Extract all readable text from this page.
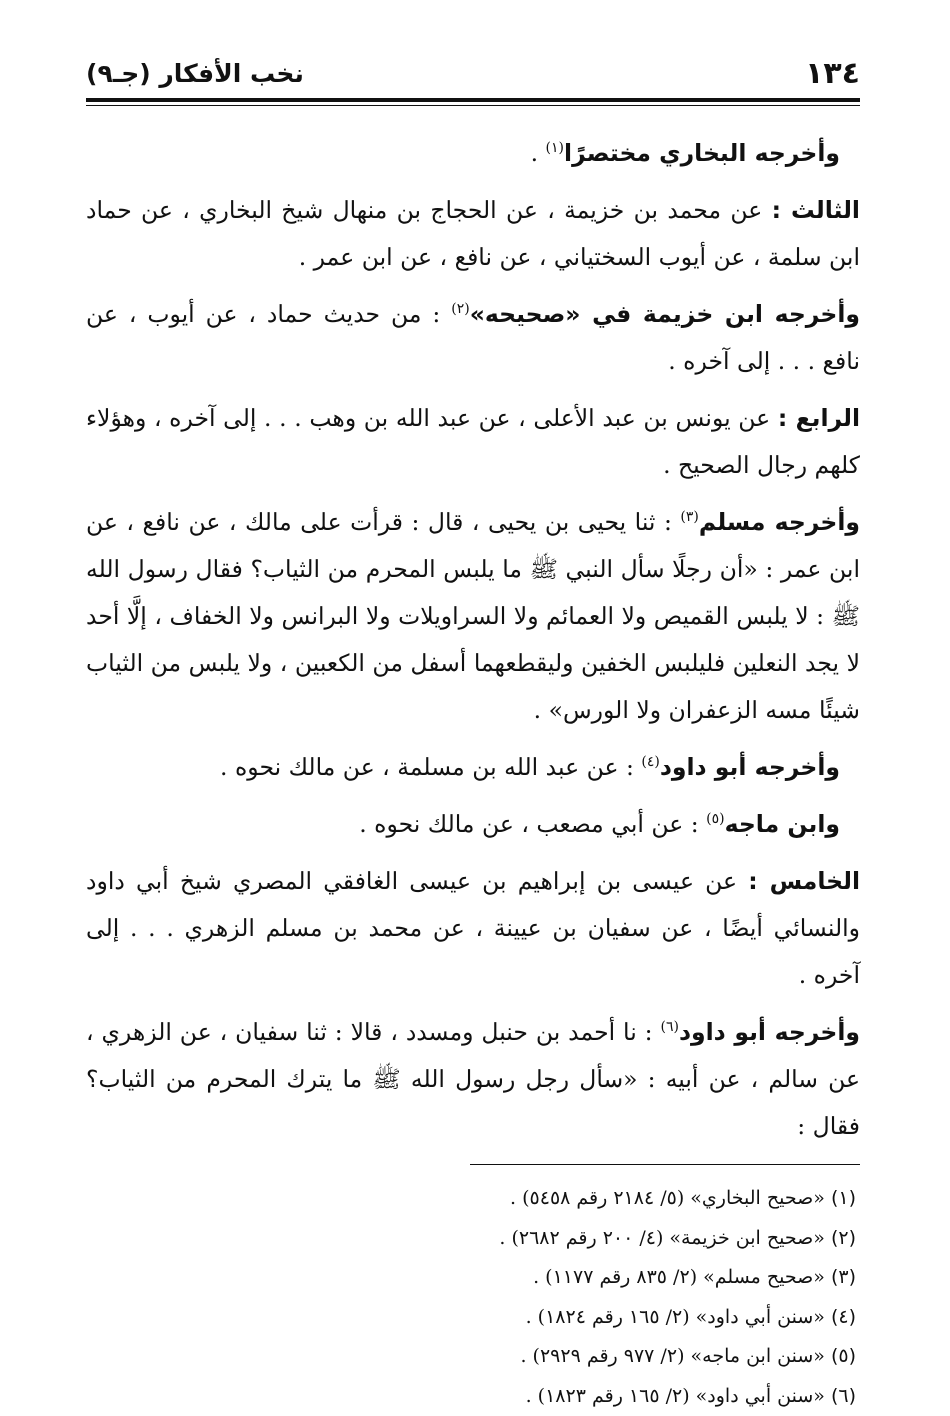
١٣٤
نخب الأفكار (جـ٩)

وأخرجه البخاري مختصرًا$^{(١)}$ .

الثالث : عن محمد بن خزيمة ، عن الحجاج بن منهال شيخ البخاري ، عن حماد ابن سلمة ، عن أيوب السختياني ، عن نافع ، عن ابن عمر .

وأخرجه ابن خزيمة في «صحيحه»$^{(٢)}$ : من حديث حماد ، عن أيوب ، عن نافع . . . إلى آخره .

الرابع : عن يونس بن عبد الأعلى ، عن عبد الله بن وهب . . . إلى آخره ، وهؤلاء كلهم رجال الصحيح .

وأخرجه مسلم$^{(٣)}$ : ثنا يحيى بن يحيى ، قال : قرأت على مالك ، عن نافع ، عن ابن عمر : «أن رجلًا سأل النبي ﷺ ما يلبس المحرم من الثياب؟ فقال رسول الله ﷺ : لا يلبس القميص ولا العمائم ولا السراويلات ولا البرانس ولا الخفاف ، إلَّا أحد لا يجد النعلين فليلبس الخفين وليقطعهما أسفل من الكعبين ، ولا يلبس من الثياب شيئًا مسه الزعفران ولا الورس» .

وأخرجه أبو داود$^{(٤)}$ : عن عبد الله بن مسلمة ، عن مالك نحوه .

وابن ماجه$^{(٥)}$ : عن أبي مصعب ، عن مالك نحوه .

الخامس : عن عيسى بن إبراهيم بن عيسى الغافقي المصري شيخ أبي داود والنسائي أيضًا ، عن سفيان بن عيينة ، عن محمد بن مسلم الزهري . . . إلى آخره .

وأخرجه أبو داود$^{(٦)}$ : نا أحمد بن حنبل ومسدد ، قالا : ثنا سفيان ، عن الزهري ، عن سالم ، عن أبيه : «سأل رجل رسول الله ﷺ ما يترك المحرم من الثياب؟ فقال :

(١) «صحيح البخاري» (٥/ ٢١٨٤ رقم ٥٤٥٨) .

(٢) «صحيح ابن خزيمة» (٤/ ٢٠٠ رقم ٢٦٨٢) .

(٣) «صحيح مسلم» (٢/ ٨٣٥ رقم ١١٧٧) .

(٤) «سنن أبي داود» (٢/ ١٦٥ رقم ١٨٢٤) .

(٥) «سنن ابن ماجه» (٢/ ٩٧٧ رقم ٢٩٢٩) .

(٦) «سنن أبي داود» (٢/ ١٦٥ رقم ١٨٢٣) .
